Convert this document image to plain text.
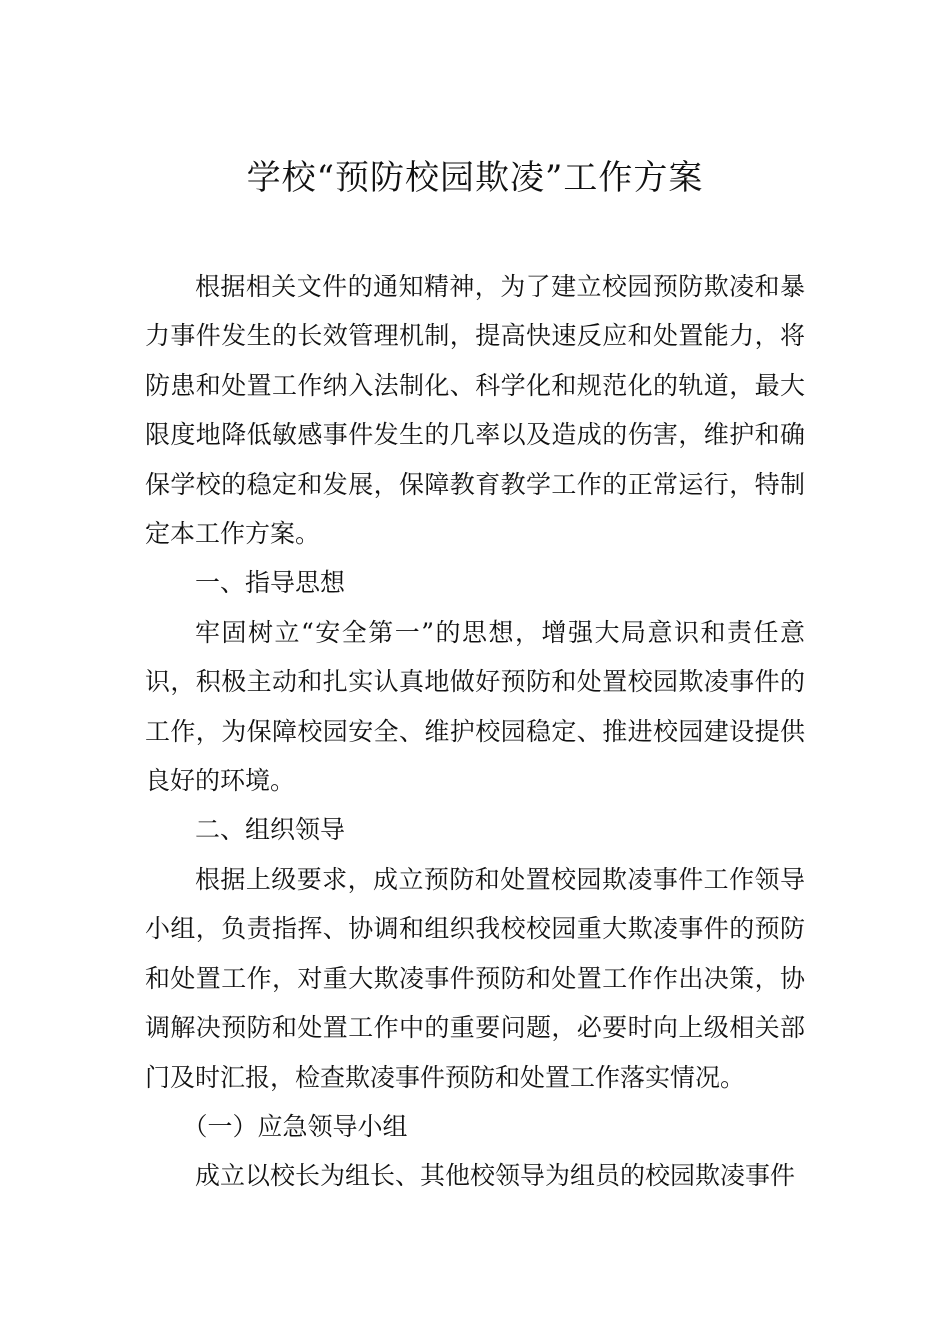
学校“预防校园欺凌”工作方案

根据相关文件的通知精神，为了建立校园预防欺凌和暴力事件发生的长效管理机制，提高快速反应和处置能力，将防患和处置工作纳入法制化、科学化和规范化的轨道，最大限度地降低敏感事件发生的几率以及造成的伤害，维护和确保学校的稳定和发展，保障教育教学工作的正常运行，特制定本工作方案。

一、指导思想

牢固树立“安全第一”的思想，增强大局意识和责任意识，积极主动和扎实认真地做好预防和处置校园欺凌事件的工作，为保障校园安全、维护校园稳定、推进校园建设提供良好的环境。

二、组织领导

根据上级要求，成立预防和处置校园欺凌事件工作领导小组，负责指挥、协调和组织我校校园重大欺凌事件的预防和处置工作，对重大欺凌事件预防和处置工作作出决策，协调解决预防和处置工作中的重要问题，必要时向上级相关部门及时汇报，检查欺凌事件预防和处置工作落实情况。

（一）应急领导小组

成立以校长为组长、其他校领导为组员的校园欺凌事件
